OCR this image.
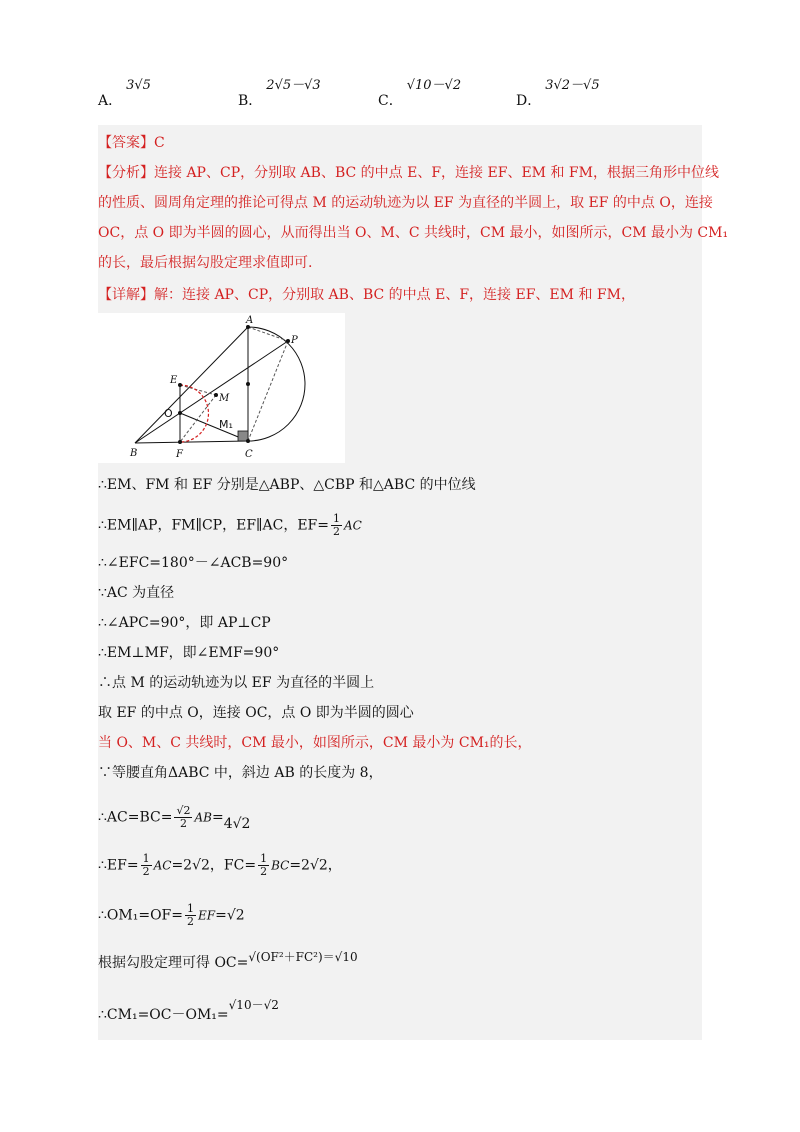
A．3√5
B．2√5－√3
C．√10－√2
D．3√2－√5
【答案】C
【分析】连接 AP、CP，分别取 AB、BC 的中点 E、F，连接 EF、EM 和 FM，根据三角形中位线
的性质、圆周角定理的推论可得点 M 的运动轨迹为以 EF 为直径的半圆上，取 EF 的中点 O，连接
OC，点 O 即为半圆的圆心，从而得出当 O、M、C 共线时，CM 最小，如图所示，CM 最小为 CM₁
的长，最后根据勾股定理求值即可.
【详解】解：连接 AP、CP，分别取 AB、BC 的中点 E、F，连接 EF、EM 和 FM，
A
P
E
M
B	F	C
O
M₁
∴EM、FM 和 EF 分别是△ABP、△CBP 和△ABC 的中位线
∴EM∥AP，FM∥CP，EF∥AC，$EF= \frac{1}{2}$ AC
∴∠EFC=180°－∠ACB=90°
∵AC 为直径
∴∠APC=90°，即 AP⊥CP
∴EM⊥MF，即∠EMF=90°
∴点 M 的运动轨迹为以 EF 为直径的半圆上
取 EF 的中点 O，连接 OC，点 O 即为半圆的圆心
当 O、M、C 共线时，CM 最小，如图所示，CM 最小为 CM₁的长，
∵等腰直角ΔABC 中，斜边 AB 的长度为 8，
∴AC=BC= $\frac{√2}{2} AB=4√2$
∴EF= $\frac{1}{2} AC=2√2$，$FC= \frac{1}{2} BC=2√2$，
∴OM₁=OF= $\frac{1}{2} EF=√2$
根据勾股定理可得 OC=√(OF²＋FC²)＝√10
∴CM₁=OC－OM₁=√10－√2
